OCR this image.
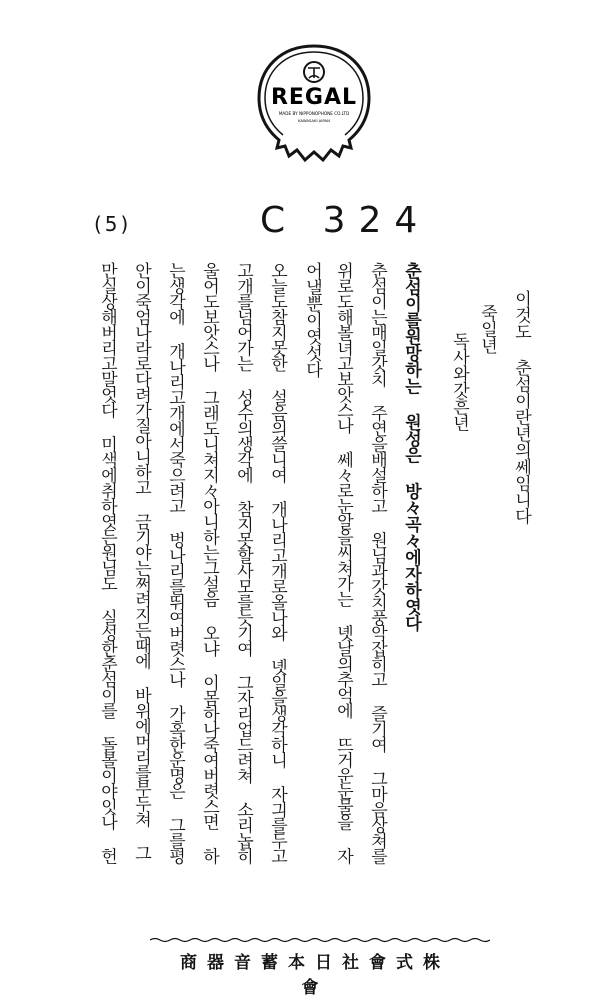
REGAL
MADE BY NIPPONOPHONE CO.LTD
KAWASAKI JAPAN
(5)	C 324
이것도 춘섬이란년의쎄임니다
죽일년
독사와갓흔년
춘섬이를원망하는 원성은 방々곡々에자하엿다
춘섬이는매일갓치 주연을배설하고 원님과갓치풍악잡히고 즐기여 그마음상쳐를
위로도해볼녀고보앗스나 쎄々로눈알을씨쳐가는 녯날의추억에 뜨거운눈물을 자
어낼뿐이엿섯다
오늘도참지못한 설음의쓸니여 개나리고개로올나와 녯일을생각하니 자긔를두고
고개를넘어가는 성수의생각에 참지못할사모를늣기여 그자리업드려쳐 소리놉히
울어도보앗스나 그래도니쳐지々아니하는그설음 오냐 이몸하나죽여버렷스면 하
는생각에 개나리고개에서죽으려고 벙나리를뛰여버렷스나 가혹한운명은 그를평
안이죽엄나라로다려가질아니하고 금기야는쩌려지든때에 바위에머리를부두쳐 그
만실상해버리고말엇다 미색에취하엿든원님도 실성한춘섬이를 돌볼이야잇나 헌
株式會社日本蓄音器商會
